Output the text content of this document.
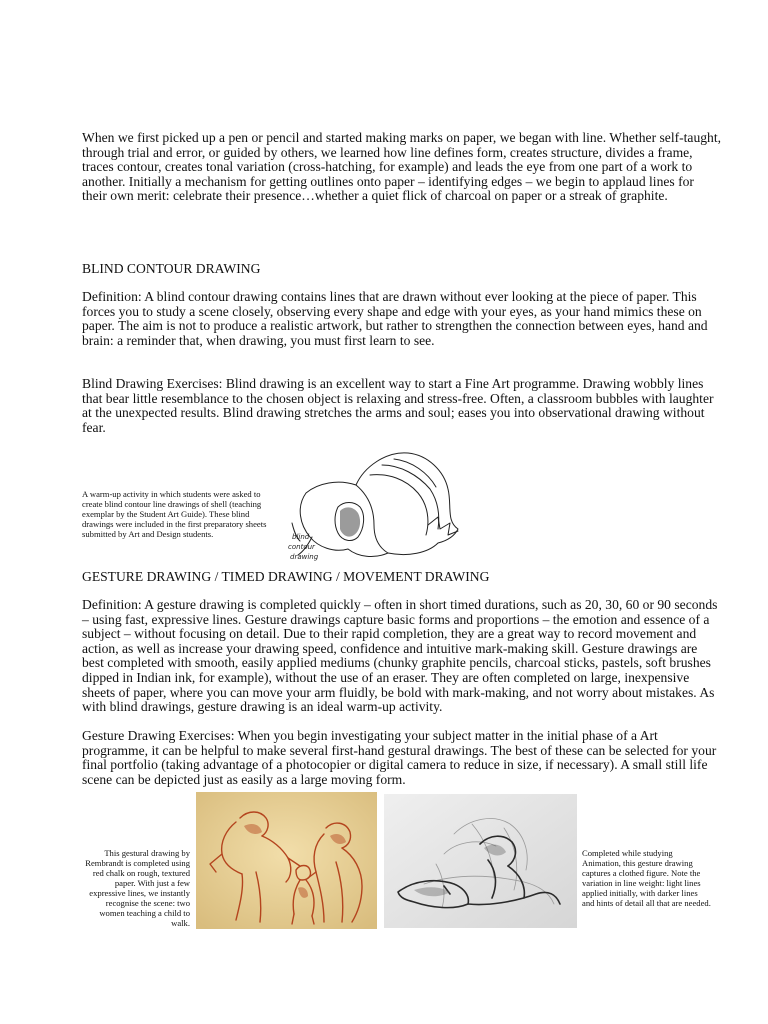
When we first picked up a pen or pencil and started making marks on paper, we began with line. Whether self-taught, through trial and error, or guided by others, we learned how line defines form, creates structure, divides a frame, traces contour, creates tonal variation (cross-hatching, for example) and leads the eye from one part of a work to another. Initially a mechanism for getting outlines onto paper – identifying edges – we begin to applaud lines for their own merit: celebrate their presence…whether a quiet flick of charcoal on paper or a streak of graphite.

BLIND CONTOUR DRAWING

Definition: A blind contour drawing contains lines that are drawn without ever looking at the piece of paper. This forces you to study a scene closely, observing every shape and edge with your eyes, as your hand mimics these on paper. The aim is not to produce a realistic artwork, but rather to strengthen the connection between eyes, hand and brain: a reminder that, when drawing, you must first learn to see.

Blind Drawing Exercises: Blind drawing is an excellent way to start a Fine Art programme. Drawing wobbly lines that bear little resemblance to the chosen object is relaxing and stress-free. Often, a classroom bubbles with laughter at the unexpected results. Blind drawing stretches the arms and soul; eases you into observational drawing without fear.

A warm-up activity in which students were asked to create blind contour line drawings of shell (teaching exemplar by the Student Art Guide). These blind drawings were included in the first preparatory sheets submitted by Art and Design students.	blind
contour
drawing

GESTURE DRAWING / TIMED DRAWING / MOVEMENT DRAWING

Definition: A gesture drawing is completed quickly – often in short timed durations, such as 20, 30, 60 or 90 seconds – using fast, expressive lines. Gesture drawings capture basic forms and proportions – the emotion and essence of a subject – without focusing on detail. Due to their rapid completion, they are a great way to record movement and action, as well as increase your drawing speed, confidence and intuitive mark-making skill. Gesture drawings are best completed with smooth, easily applied mediums (chunky graphite pencils, charcoal sticks, pastels, soft brushes dipped in Indian ink, for example), without the use of an eraser. They are often completed on large, inexpensive sheets of paper, where you can move your arm fluidly, be bold with mark-making, and not worry about mistakes. As with blind drawings, gesture drawing is an ideal warm-up activity.

Gesture Drawing Exercises: When you begin investigating your subject matter in the initial phase of a Art programme, it can be helpful to make several first-hand gestural drawings. The best of these can be selected for your final portfolio (taking advantage of a photocopier or digital camera to reduce in size, if necessary). A small still life scene can be depicted just as easily as a large moving form.

This gestural drawing by Rembrandt is completed using red chalk on rough, textured paper. With just a few expressive lines, we instantly recognise the scene: two women teaching a child to walk.

Completed while studying Animation, this gesture drawing captures a clothed figure. Note the variation in line weight: light lines applied initially, with darker lines and hints of detail all that are needed.
